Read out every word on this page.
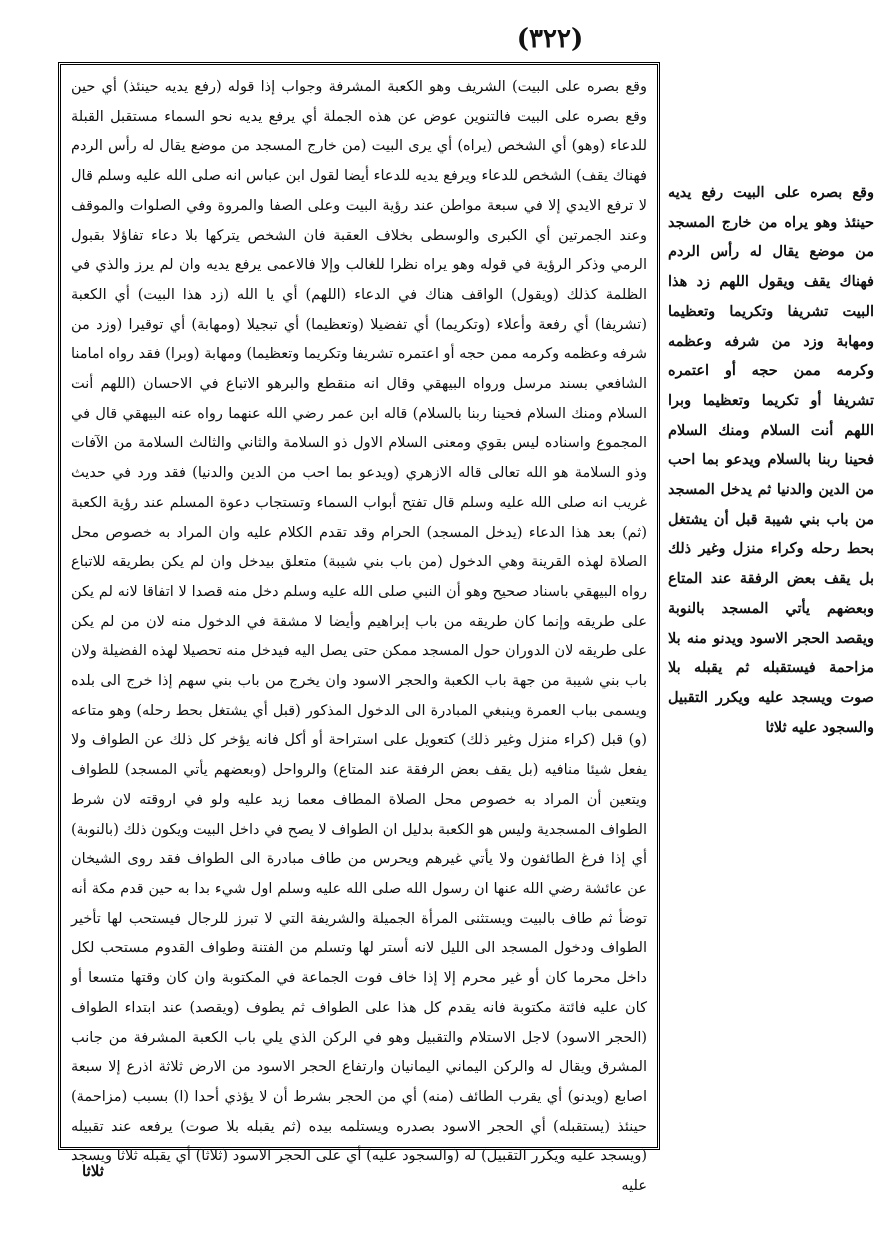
(٣٢٢)

وقع بصره على البيت) الشريف وهو الكعبة المشرفة وجواب إذا قوله (رفع يديه حينئذ) أي حين وقع بصره على البيت فالتنوين عوض عن هذه الجملة أي يرفع يديه نحو السماء مستقبل القبلة للدعاء (وهو) أي الشخص (يراه) أي يرى البيت (من خارج المسجد من موضع يقال له رأس الردم فهناك يقف) الشخص للدعاء ويرفع يديه للدعاء أيضا لقول ابن عباس انه صلى الله عليه وسلم قال لا ترفع الايدي إلا في سبعة مواطن عند رؤية البيت وعلى الصفا والمروة وفي الصلوات والموقف وعند الجمرتين أي الكبرى والوسطى بخلاف العقبة فان الشخص يتركها بلا دعاء تفاؤلا بقبول الرمي وذكر الرؤية في قوله وهو يراه نظرا للغالب وإلا فالاعمى يرفع يديه وان لم يرز والذي في الظلمة كذلك (ويقول) الواقف هناك في الدعاء (اللهم) أي يا الله (زد هذا البيت) أي الكعبة (تشريفا) أي رفعة وأعلاء (وتكريما) أي تفضيلا (وتعظيما) أي تبجيلا (ومهابة) أي توقيرا (وزد من شرفه وعظمه وكرمه ممن حجه أو اعتمره تشريفا وتكريما وتعظيما) ومهابة (وبرا) فقد رواه امامنا الشافعي بسند مرسل ورواه البيهقي وقال انه منقطع والبرهو الاتباع في الاحسان (اللهم أنت السلام ومنك السلام فحينا ربنا بالسلام) قاله ابن عمر رضي الله عنهما رواه عنه البيهقي قال في المجموع واسناده ليس بقوي ومعنى السلام الاول ذو السلامة والثاني والثالث السلامة من الآفات وذو السلامة هو الله تعالى قاله الازهري (ويدعو بما احب من الدين والدنيا) فقد ورد في حديث غريب انه صلى الله عليه وسلم قال تفتح أبواب السماء وتستجاب دعوة المسلم عند رؤية الكعبة (ثم) بعد هذا الدعاء (يدخل المسجد) الحرام وقد تقدم الكلام عليه وان المراد به خصوص محل الصلاة لهذه القرينة وهي الدخول (من باب بني شيبة) متعلق بيدخل وان لم يكن بطريقه للاتباع رواه البيهقي باسناد صحيح وهو أن النبي صلى الله عليه وسلم دخل منه قصدا لا اتفاقا لانه لم يكن على طريقه وإنما كان طريقه من باب إبراهيم وأيضا لا مشقة في الدخول منه لان من لم يكن على طريقه لان الدوران حول المسجد ممكن حتى يصل اليه فيدخل منه تحصيلا لهذه الفضيلة ولان باب بني شيبة من جهة باب الكعبة والحجر الاسود وان يخرج من باب بني سهم إذا خرج الى بلده ويسمى بباب العمرة وينبغي المبادرة الى الدخول المذكور (قبل أي يشتغل بحط رحله) وهو متاعه (و) قبل (كراء منزل وغير ذلك) كتعويل على استراحة أو أكل فانه يؤخر كل ذلك عن الطواف ولا يفعل شيئا منافيه (بل يقف بعض الرفقة عند المتاع) والرواحل (وبعضهم يأتي المسجد) للطواف ويتعين أن المراد به خصوص محل الصلاة المطاف معما زيد عليه ولو في اروقته لان شرط الطواف المسجدية وليس هو الكعبة بدليل ان الطواف لا يصح في داخل البيت ويكون ذلك (بالنوبة) أي إذا فرغ الطائفون ولا يأتي غيرهم ويحرس من طاف مبادرة الى الطواف فقد روى الشيخان عن عائشة رضي الله عنها ان رسول الله صلى الله عليه وسلم اول شيء بدا به حين قدم مكة أنه توضأ ثم طاف بالبيت ويستثنى المرأة الجميلة والشريفة التي لا تبرز للرجال فيستحب لها تأخير الطواف ودخول المسجد الى الليل لانه أستر لها وتسلم من الفتنة وطواف القدوم مستحب لكل داخل محرما كان أو غير محرم إلا إذا خاف فوت الجماعة في المكتوبة وان كان وقتها متسعا أو كان عليه فائتة مكتوبة فانه يقدم كل هذا على الطواف ثم يطوف (ويقصد) عند ابتداء الطواف (الحجر الاسود) لاجل الاستلام والتقبيل وهو في الركن الذي يلي باب الكعبة المشرفة من جانب المشرق ويقال له والركن اليماني اليمانيان وارتفاع الحجر الاسود من الارض ثلاثة اذرع إلا سبعة اصابع (ويدنو) أي يقرب الطائف (منه) أي من الحجر بشرط أن لا يؤذي أحدا (ا) بسبب (مزاحمة) حينئذ (يستقبله) أي الحجر الاسود بصدره ويستلمه بيده (ثم يقبله بلا صوت) يرفعه عند تقبيله (ويسجد عليه ويكرر التقبيل) له (والسجود عليه) أي على الحجر الاسود (ثلاثا) أي يقبله ثلاثا ويسجد عليه

وقع بصره على البيت رفع يديه حينئذ وهو يراه من خارج المسجد من موضع يقال له رأس الردم فهناك يقف ويقول اللهم زد هذا البيت تشريفا وتكريما وتعظيما ومهابة وزد من شرفه وعظمه وكرمه ممن حجه أو اعتمره تشريفا أو تكريما وتعظيما وبرا اللهم أنت السلام ومنك السلام فحينا ربنا بالسلام ويدعو بما احب من الدين والدنيا ثم يدخل المسجد من باب بني شيبة قبل أن يشتغل بحط رحله وكراء منزل وغير ذلك بل يقف بعض الرفقة عند المتاع وبعضهم يأتي المسجد بالنوبة ويقصد الحجر الاسود ويدنو منه بلا مزاحمة فيستقبله ثم يقبله بلا صوت ويسجد عليه ويكرر التقبيل والسجود عليه ثلاثا

ثلاثا
